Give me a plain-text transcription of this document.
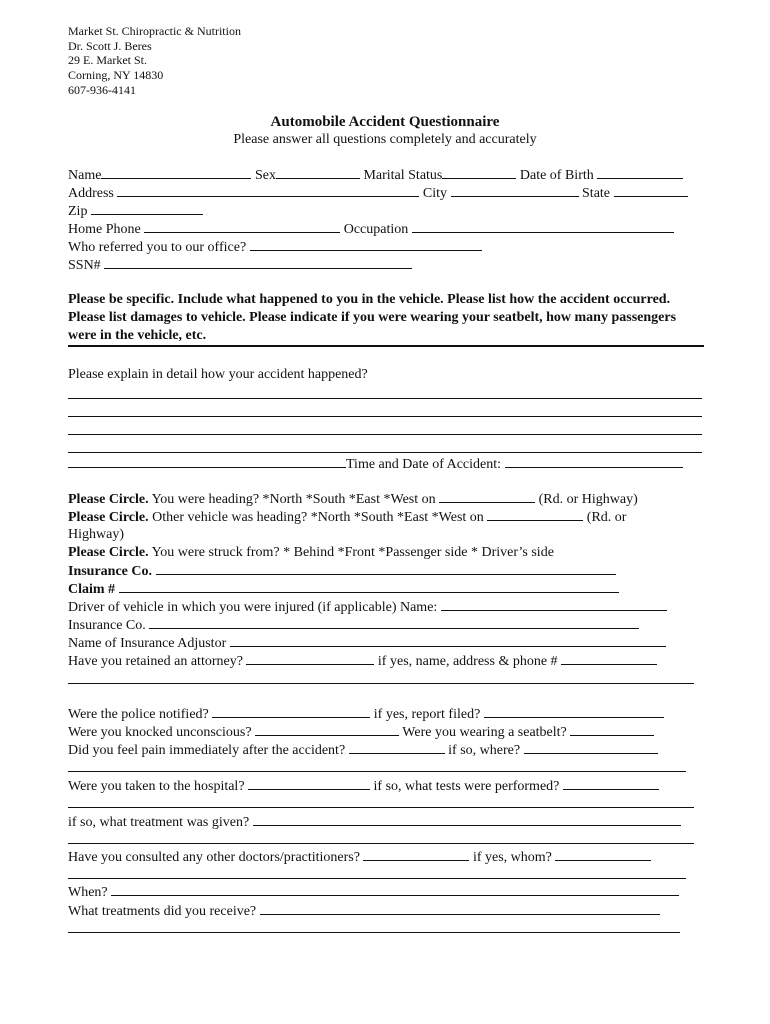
Market St. Chiropractic & Nutrition
Dr. Scott J. Beres
29 E. Market St.
Corning, NY 14830
607-936-4141
Automobile Accident Questionnaire
Please answer all questions completely and accurately
Name	Sex	Marital Status	Date of Birth
Address	City	State
Zip
Home Phone	Occupation
Who referred you to our office?
SSN#
Please be specific. Include what happened to you in the vehicle. Please list how the accident occurred. Please list damages to vehicle. Please indicate if you were wearing your seatbelt, how many passengers were in the vehicle, etc.
Please explain in detail how your accident happened?
Time and Date of Accident:
Please Circle. You were heading? *North *South *East *West on	(Rd. or Highway)
Please Circle. Other vehicle was heading? *North *South *East *West on	(Rd. or
Highway)
Please Circle. You were struck from? * Behind *Front *Passenger side * Driver’s side
Insurance Co.
Claim #
Driver of vehicle in which you were injured (if applicable) Name:
Insurance Co.
Name of Insurance Adjustor
Have you retained an attorney?	if yes, name, address & phone #
Were the police notified?	if yes, report filed?
Were you knocked unconscious?	Were you wearing a seatbelt?
Did you feel pain immediately after the accident?	if so, where?
Were you taken to the hospital?	if so, what tests were performed?
if so, what treatment was given?
Have you consulted any other doctors/practitioners?	if yes, whom?
When?
What treatments did you receive?
